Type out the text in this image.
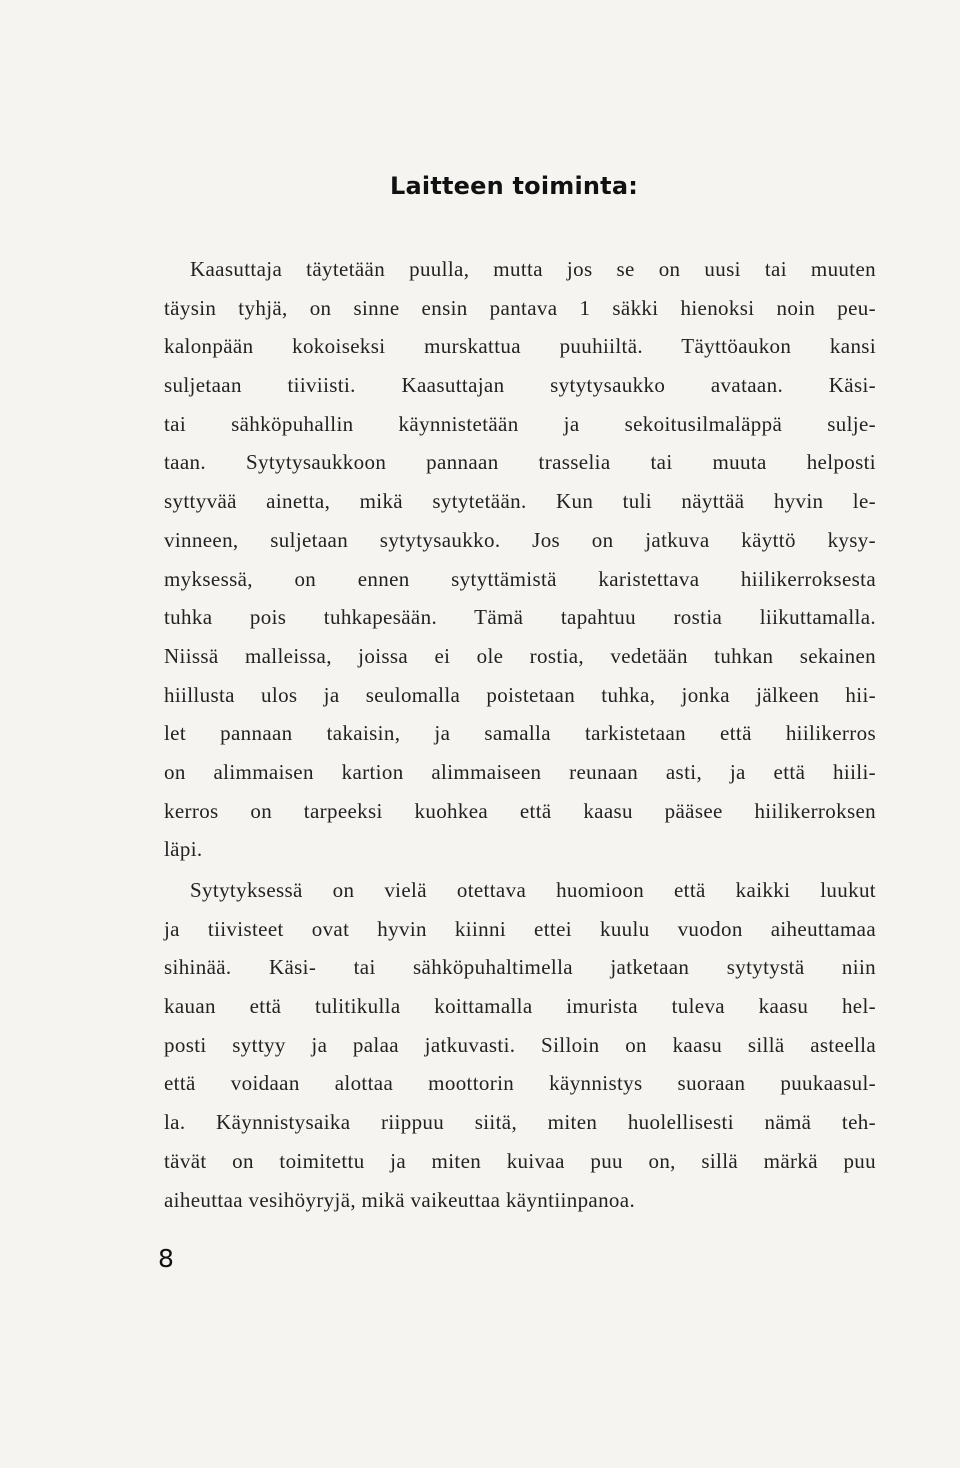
Laitteen toiminta:
Kaasuttaja täytetään puulla, mutta jos se on uusi tai muuten
täysin tyhjä, on sinne ensin pantava 1 säkki hienoksi noin peu-
kalonpään kokoiseksi murskattua puuhiiltä. Täyttöaukon kansi
suljetaan tiiviisti. Kaasuttajan sytytysaukko avataan. Käsi-
tai sähköpuhallin käynnistetään ja sekoitusilmaläppä sulje-
taan. Sytytysaukkoon pannaan trasselia tai muuta helposti
syttyvää ainetta, mikä sytytetään. Kun tuli näyttää hyvin le-
vinneen, suljetaan sytytysaukko. Jos on jatkuva käyttö kysy-
myksessä, on ennen sytyttämistä karistettava hiilikerroksesta
tuhka pois tuhkapesään. Tämä tapahtuu rostia liikuttamalla.
Niissä malleissa, joissa ei ole rostia, vedetään tuhkan sekainen
hiillusta ulos ja seulomalla poistetaan tuhka, jonka jälkeen hii-
let pannaan takaisin, ja samalla tarkistetaan että hiilikerros
on alimmaisen kartion alimmaiseen reunaan asti, ja että hiili-
kerros on tarpeeksi kuohkea että kaasu pääsee hiilikerroksen
läpi.
Sytytyksessä on vielä otettava huomioon että kaikki luukut
ja tiivisteet ovat hyvin kiinni ettei kuulu vuodon aiheuttamaa
sihinää. Käsi- tai sähköpuhaltimella jatketaan sytytystä niin
kauan että tulitikulla koittamalla imurista tuleva kaasu hel-
posti syttyy ja palaa jatkuvasti. Silloin on kaasu sillä asteella
että voidaan alottaa moottorin käynnistys suoraan puukaasul-
la. Käynnistysaika riippuu siitä, miten huolellisesti nämä teh-
tävät on toimitettu ja miten kuivaa puu on, sillä märkä puu
aiheuttaa vesihöyryjä, mikä vaikeuttaa käyntiinpanoa.
8
